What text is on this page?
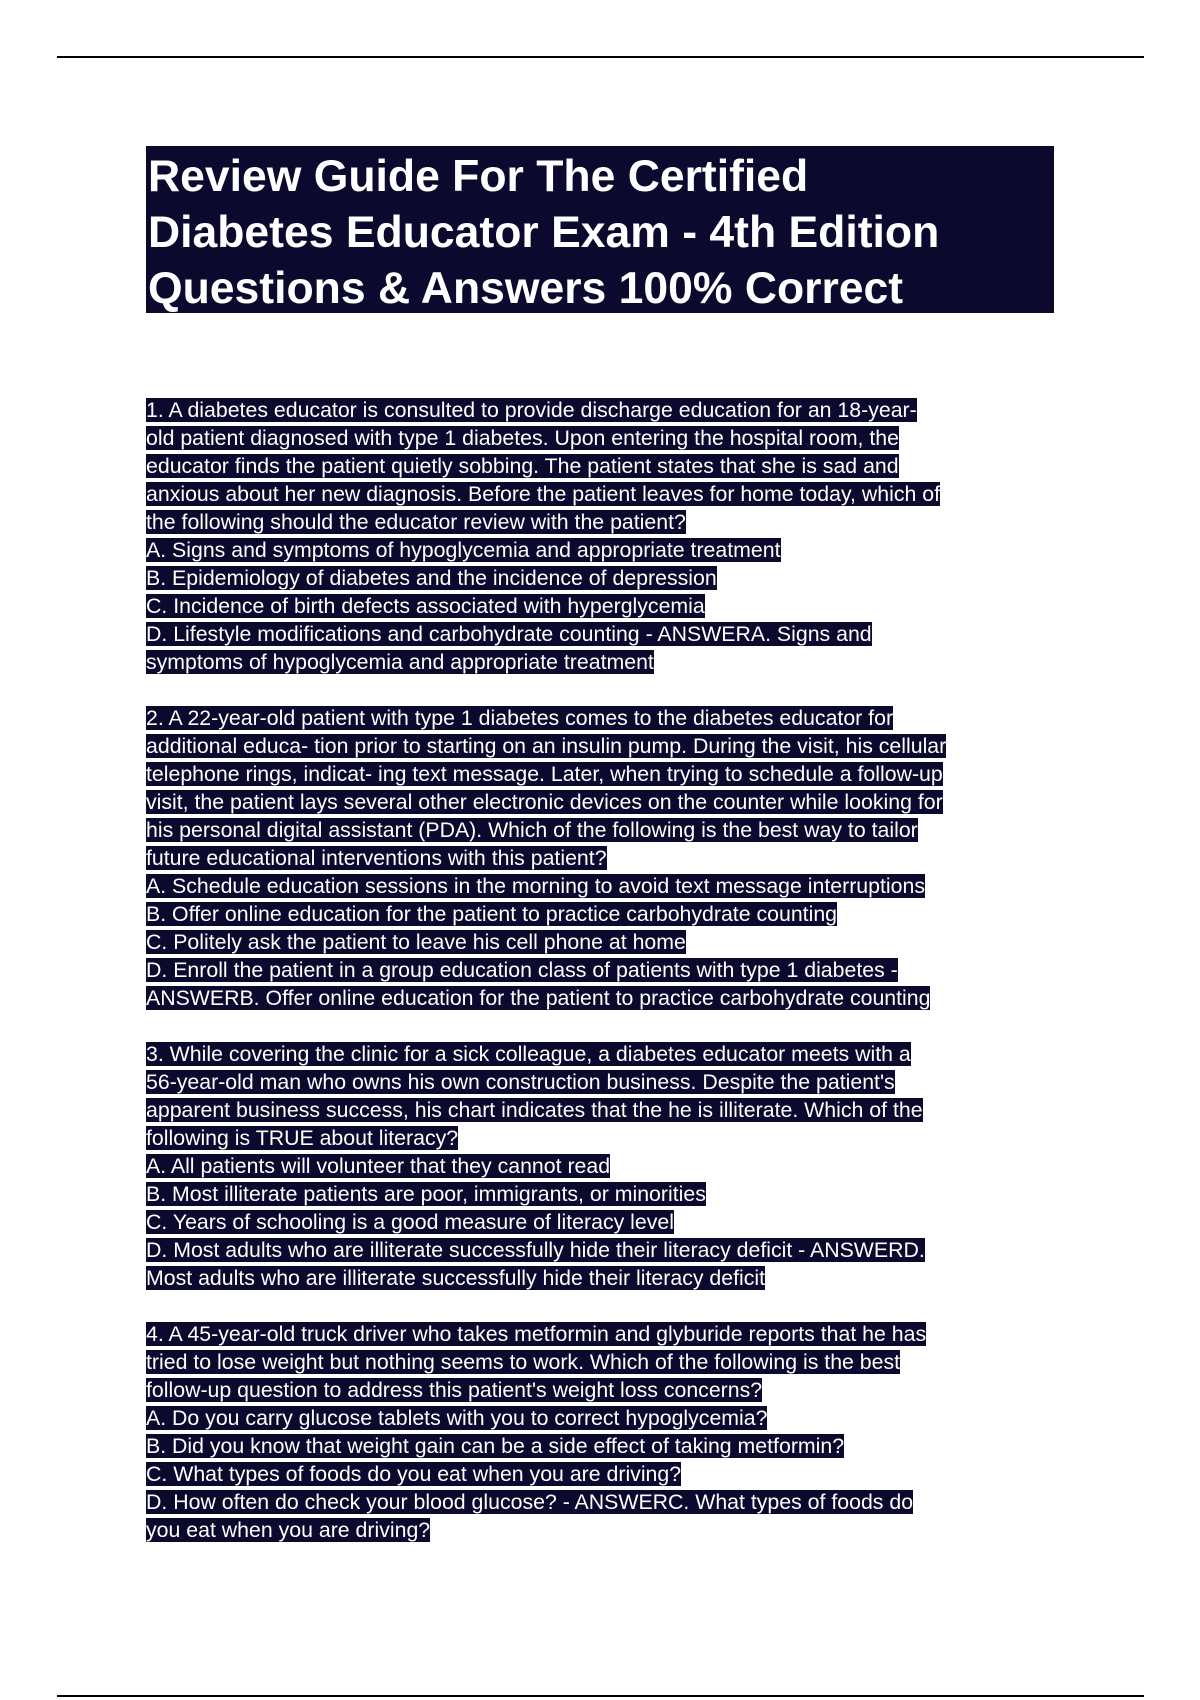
Review Guide For The Certified
Diabetes Educator Exam - 4th Edition
Questions & Answers 100% Correct
1. A diabetes educator is consulted to provide discharge education for an 18-year-
old patient diagnosed with type 1 diabetes. Upon entering the hospital room, the
educator finds the patient quietly sobbing. The patient states that she is sad and
anxious about her new diagnosis. Before the patient leaves for home today, which of
the following should the educator review with the patient?
A. Signs and symptoms of hypoglycemia and appropriate treatment
B. Epidemiology of diabetes and the incidence of depression
C. Incidence of birth defects associated with hyperglycemia
D. Lifestyle modifications and carbohydrate counting - ANSWERA. Signs and
symptoms of hypoglycemia and appropriate treatment
2. A 22-year-old patient with type 1 diabetes comes to the diabetes educator for
additional educa- tion prior to starting on an insulin pump. During the visit, his cellular
telephone rings, indicat- ing text message. Later, when trying to schedule a follow-up
visit, the patient lays several other electronic devices on the counter while looking for
his personal digital assistant (PDA). Which of the following is the best way to tailor
future educational interventions with this patient?
A. Schedule education sessions in the morning to avoid text message interruptions
B. Offer online education for the patient to practice carbohydrate counting
C. Politely ask the patient to leave his cell phone at home
D. Enroll the patient in a group education class of patients with type 1 diabetes -
ANSWERB. Offer online education for the patient to practice carbohydrate counting
3. While covering the clinic for a sick colleague, a diabetes educator meets with a
56-year-old man who owns his own construction business. Despite the patient's
apparent business success, his chart indicates that the he is illiterate. Which of the
following is TRUE about literacy?
A. All patients will volunteer that they cannot read
B. Most illiterate patients are poor, immigrants, or minorities
C. Years of schooling is a good measure of literacy level
D. Most adults who are illiterate successfully hide their literacy deficit - ANSWERD.
Most adults who are illiterate successfully hide their literacy deficit
4. A 45-year-old truck driver who takes metformin and glyburide reports that he has
tried to lose weight but nothing seems to work. Which of the following is the best
follow-up question to address this patient's weight loss concerns?
A. Do you carry glucose tablets with you to correct hypoglycemia?
B. Did you know that weight gain can be a side effect of taking metformin?
C. What types of foods do you eat when you are driving?
D. How often do check your blood glucose? - ANSWERC. What types of foods do
you eat when you are driving?
